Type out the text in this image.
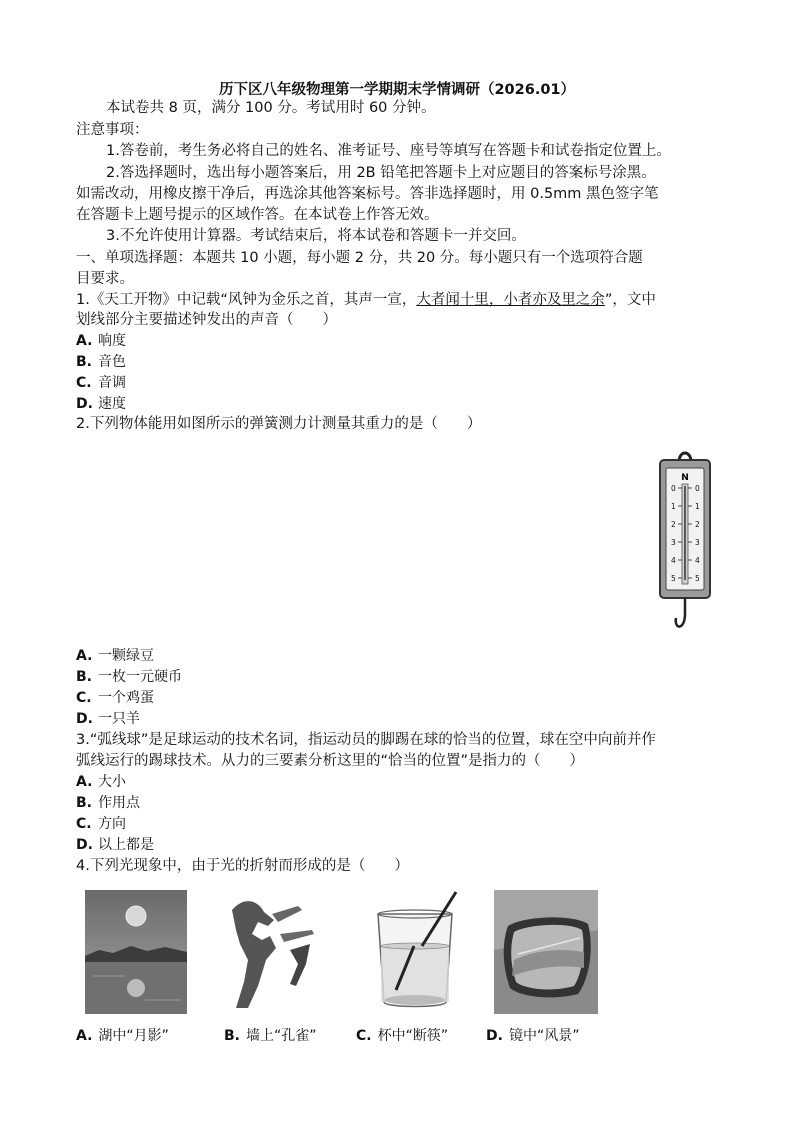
历下区八年级物理第一学期期末学情调研（2026.01）
本试卷共 8 页，满分 100 分。考试用时 60 分钟。
注意事项：
1.答卷前，考生务必将自己的姓名、准考证号、座号等填写在答题卡和试卷指定位置上。
2.答选择题时，选出每小题答案后，用 2B 铅笔把答题卡上对应题目的答案标号涂黑。
如需改动，用橡皮擦干净后，再选涂其他答案标号。答非选择题时，用 0.5mm 黑色签字笔
在答题卡上题号提示的区域作答。在本试卷上作答无效。
3.不允许使用计算器。考试结束后，将本试卷和答题卡一并交回。
一、单项选择题：本题共 10 小题，每小题 2 分，共 20 分。每小题只有一个选项符合题
目要求。
1.《天工开物》中记载“风钟为金乐之首，其声一宣，大者闻十里，小者亦及里之余”，文中
划线部分主要描述钟发出的声音（　　）
A. 响度
B. 音色
C. 音调
D. 速度
2.下列物体能用如图所示的弹簧测力计测量其重力的是（　　）
N
0
1
2
3
4
5
0
1
2
3
4
5
A. 一颗绿豆
B. 一枚一元硬币
C. 一个鸡蛋
D. 一只羊
3.“弧线球”是足球运动的技术名词，指运动员的脚踢在球的恰当的位置，球在空中向前并作
弧线运行的踢球技术。从力的三要素分析这里的“恰当的位置”是指力的（　　）
A. 大小
B. 作用点
C. 方向
D. 以上都是
4.下列光现象中，由于光的折射而形成的是（　　）
A. 湖中“月影”	B. 墙上“孔雀”	C. 杯中“断筷”	D. 镜中“风景”
